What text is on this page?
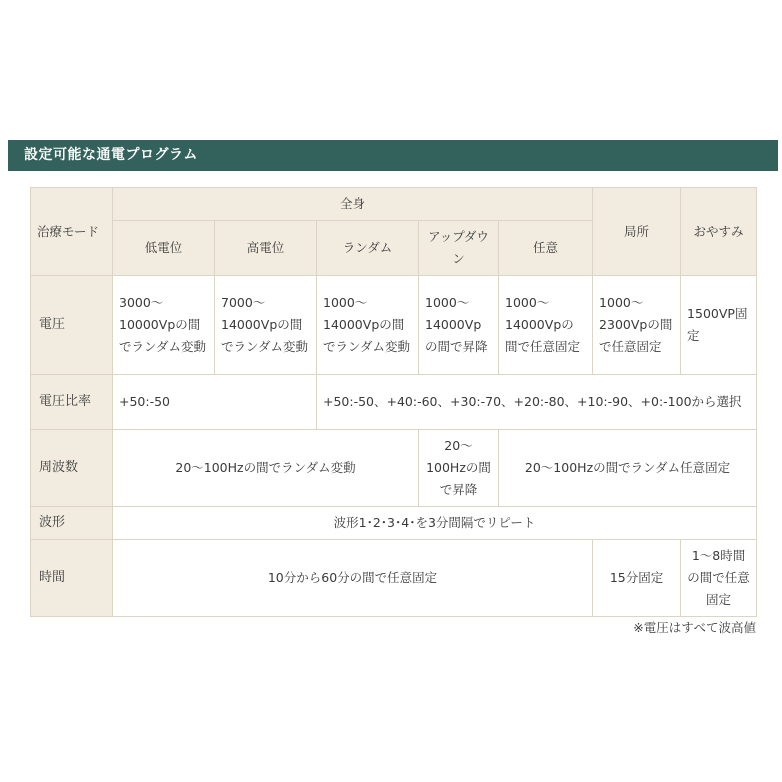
設定可能な通電プログラム
治療モード	全身					局所	おやすみ
	低電位	高電位	ランダム	アップダウン	任意		
電圧	3000〜10000Vpの間でランダム変動	7000〜14000Vpの間でランダム変動	1000〜14000Vpの間でランダム変動	1000〜14000Vpの間で昇降	1000〜14000Vpの間で任意固定	1000〜2300Vpの間で任意固定	1500VP固定
電圧比率	+50:-50		+50:-50、+40:-60、+30:-70、+20:-80、+10:-90、+0:-100から選択				
周波数	20〜100Hzの間でランダム変動			20〜100Hzの間で昇降	20〜100Hzの間でランダム任意固定		
波形	波形1･2･3･4･を3分間隔でリピート						
時間	10分から60分の間で任意固定					15分固定	1〜8時間の間で任意固定
※電圧はすべて波高値
